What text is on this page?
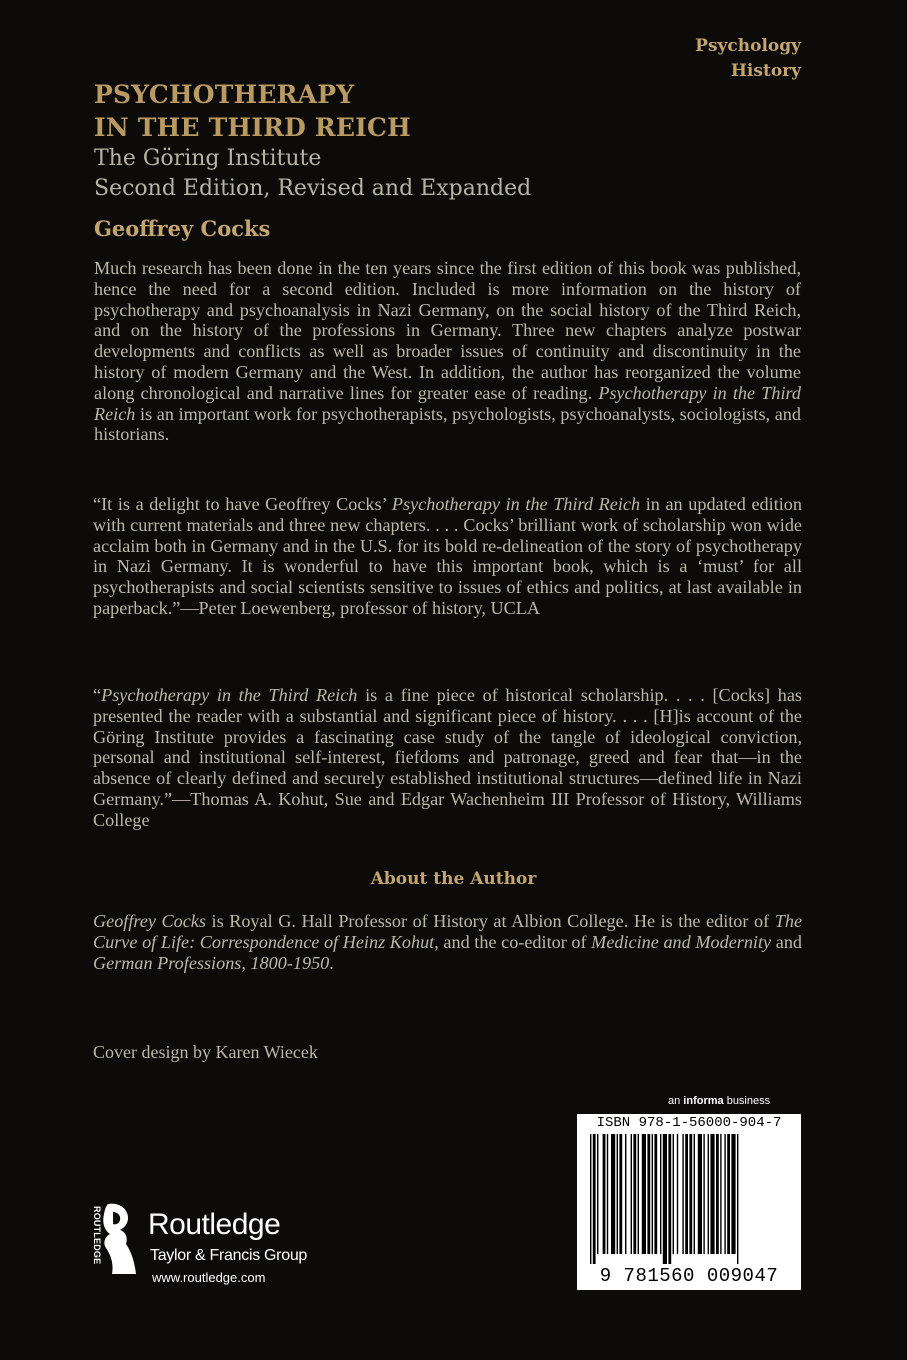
Psychology
History
PSYCHOTHERAPY
IN THE THIRD REICH
The Göring Institute
Second Edition, Revised and Expanded
Geoffrey Cocks

Much research has been done in the ten years since the first edition of this book was published, hence the need for a second edition. Included is more information on the history of psychotherapy and psychoanalysis in Nazi Germany, on the social history of the Third Reich, and on the history of the professions in Germany. Three new chapters analyze postwar developments and conflicts as well as broader issues of continuity and discontinuity in the history of modern Germany and the West. In addition, the author has reorganized the volume along chronological and narrative lines for greater ease of reading. Psychotherapy in the Third Reich is an important work for psychotherapists, psychologists, psychoanalysts, sociologists, and historians.

“It is a delight to have Geoffrey Cocks’ Psychotherapy in the Third Reich in an updated edition with current materials and three new chapters. . . . Cocks’ brilliant work of scholarship won wide acclaim both in Germany and in the U.S. for its bold re-delineation of the story of psychotherapy in Nazi Germany. It is wonderful to have this important book, which is a ‘must’ for all psychotherapists and social scientists sensitive to issues of ethics and politics, at last available in paperback.”—Peter Loewenberg, professor of history, UCLA

“Psychotherapy in the Third Reich is a fine piece of historical scholarship. . . . [Cocks] has presented the reader with a substantial and significant piece of history. . . . [H]is account of the Göring Institute provides a fascinating case study of the tangle of ideological conviction, personal and institutional self-interest, fiefdoms and patronage, greed and fear that—in the absence of clearly defined and securely established institutional structures—defined life in Nazi Germany.”—Thomas A. Kohut, Sue and Edgar Wachenheim III Professor of History, Williams College

About the Author

Geoffrey Cocks is Royal G. Hall Professor of History at Albion College. He is the editor of The Curve of Life: Correspondence of Heinz Kohut, and the co-editor of Medicine and Modernity and German Professions, 1800-1950.

Cover design by Karen Wiecek
an informa business
ISBN 978-1-56000-904-7
9 781560 009047
ROUTLEDGE Routledge
Taylor & Francis Group
www.routledge.com
